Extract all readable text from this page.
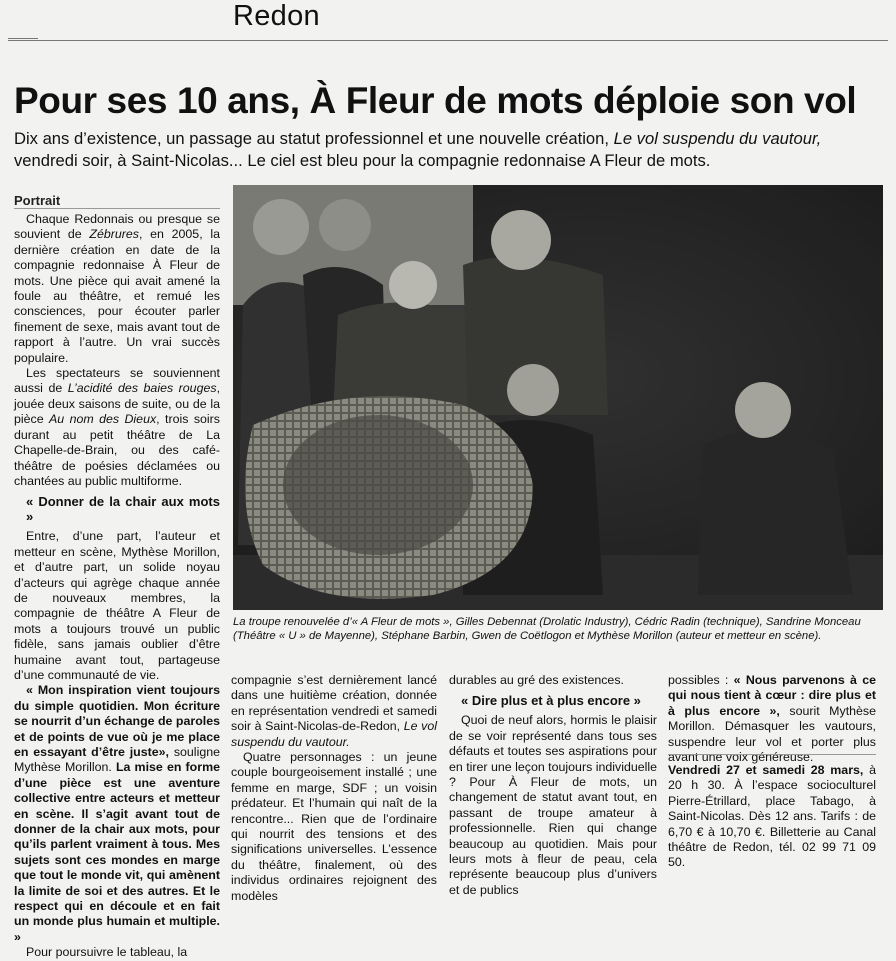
Redon
Pour ses 10 ans, À Fleur de mots déploie son vol
Dix ans d’existence, un passage au statut professionnel et une nouvelle création, Le vol suspendu du vautour, vendredi soir, à Saint-Nicolas... Le ciel est bleu pour la compagnie redonnaise A Fleur de mots.
Portrait

Chaque Redonnais ou presque se souvient de Zébrures, en 2005, la dernière création en date de la compagnie redonnaise À Fleur de mots. Une pièce qui avait amené la foule au théâtre, et remué les consciences, pour écouter parler finement de sexe, mais avant tout de rapport à l’autre. Un vrai succès populaire.

Les spectateurs se souviennent aussi de L’acidité des baies rouges, jouée deux saisons de suite, ou de la pièce Au nom des Dieux, trois soirs durant au petit théâtre de La Chapelle-de-Brain, ou des café-théâtre de poésies déclamées ou chantées au public multiforme.

« Donner de la chair aux mots »

Entre, d’une part, l’auteur et metteur en scène, Mythèse Morillon, et d’autre part, un solide noyau d’acteurs qui agrège chaque année de nouveaux membres, la compagnie de théâtre A Fleur de mots a toujours trouvé un public fidèle, sans jamais oublier d’être humaine avant tout, partageuse d’une communauté de vie.

« Mon inspiration vient toujours du simple quotidien. Mon écriture se nourrit d’un échange de paroles et de points de vue où je me place en essayant d’être juste», souligne Mythèse Morillon. La mise en forme d’une pièce est une aventure collective entre acteurs et metteur en scène. Il s’agit avant tout de donner de la chair aux mots, pour qu’ils parlent vraiment à tous. Mes sujets sont ces mondes en marge que tout le monde vit, qui amènent la limite de soi et des autres. Et le respect qui en découle et en fait un monde plus humain et multiple. »

Pour poursuivre le tableau, la

La troupe renouvelée d’« A Fleur de mots », Gilles Debennat (Drolatic Industry), Cédric Radin (technique), Sandrine Monceau (Théâtre « U » de Mayenne), Stéphane Barbin, Gwen de Coëtlogon et Mythèse Morillon (auteur et metteur en scène).

compagnie s’est dernièrement lancé dans une huitième création, donnée en représentation vendredi et samedi soir à Saint-Nicolas-de-Redon, Le vol suspendu du vautour.

Quatre personnages : un jeune couple bourgeoisement installé ; une femme en marge, SDF ; un voisin prédateur. Et l’humain qui naît de la rencontre... Rien que de l’ordinaire qui nourrit des tensions et des significations universelles. L’essence du théâtre, finalement, où des individus ordinaires rejoignent des modèles

durables au gré des existences.

« Dire plus et à plus encore »

Quoi de neuf alors, hormis le plaisir de se voir représenté dans tous ses défauts et toutes ses aspirations pour en tirer une leçon toujours individuelle ? Pour À Fleur de mots, un changement de statut avant tout, en passant de troupe amateur à professionnelle. Rien qui change beaucoup au quotidien. Mais pour leurs mots à fleur de peau, cela représente beaucoup plus d’univers et de publics

possibles : « Nous parvenons à ce qui nous tient à cœur : dire plus et à plus encore », sourit Mythèse Morillon. Démasquer les vautours, suspendre leur vol et porter plus avant une voix généreuse.

Vendredi 27 et samedi 28 mars, à 20 h 30. À l’espace socioculturel Pierre-Étrillard, place Tabago, à Saint-Nicolas. Dès 12 ans. Tarifs : de 6,70 € à 10,70 €. Billetterie au Canal théâtre de Redon, tél. 02 99 71 09 50.
